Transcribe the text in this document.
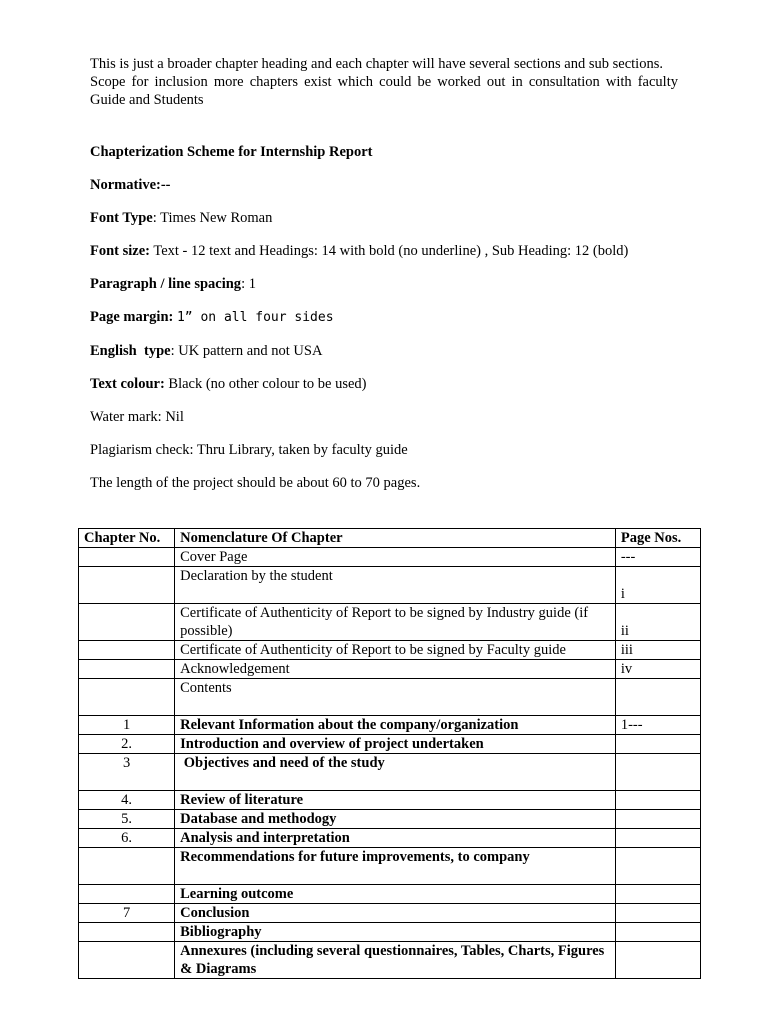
This is just a broader chapter heading and each chapter will have several sections and sub sections.

Scope for inclusion more chapters exist which could be worked out in consultation with faculty Guide and Students

Chapterization Scheme for Internship Report

Normative:--

Font Type: Times New Roman

Font size: Text - 12 text and Headings: 14 with bold (no underline) , Sub Heading: 12 (bold)

Paragraph / line spacing: 1

Page margin: 1” on all four sides

English  type: UK pattern and not USA

Text colour: Black (no other colour to be used)

Water mark: Nil

Plagiarism check: Thru Library, taken by faculty guide

The length of the project should be about 60 to 70 pages.

Chapter No.	Nomenclature Of Chapter	Page Nos.
	Cover Page	---
	Declaration by the student	i
	Certificate of Authenticity of Report to be signed by Industry guide (if possible)	ii
	Certificate of Authenticity of Report to be signed by Faculty guide	iii
	Acknowledgement	iv
	Contents	
1	Relevant Information about the company/organization	1---
2.	Introduction and overview of project undertaken	
3	Objectives and need of the study	
4.	Review of literature	
5.	Database and methodogy	
6.	Analysis and interpretation	
	Recommendations for future improvements, to company	
	Learning outcome	
7	Conclusion	
	Bibliography	
	Annexures (including several questionnaires, Tables, Charts, Figures & Diagrams	
